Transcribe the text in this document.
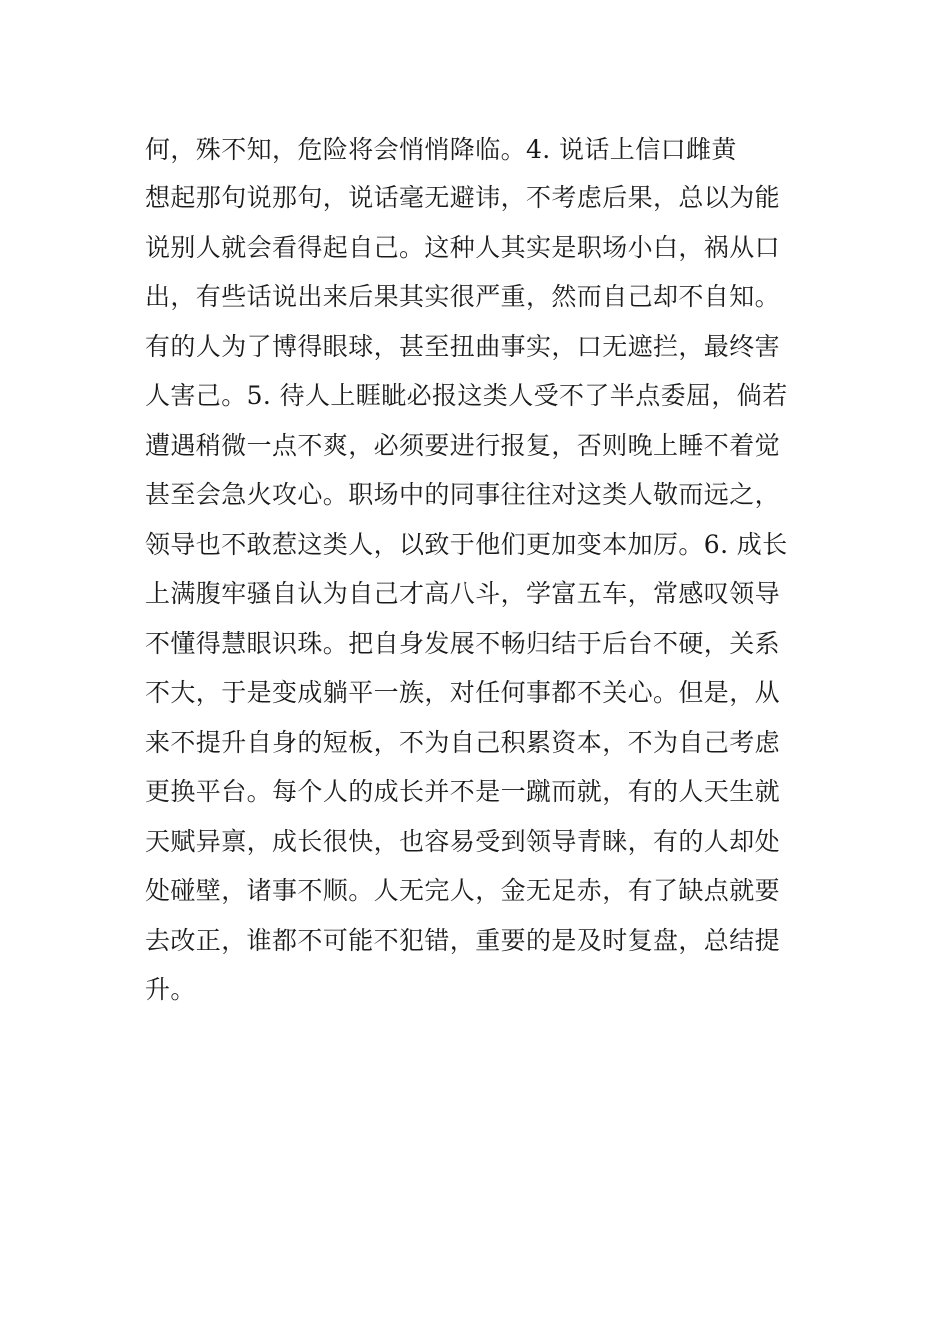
何，殊不知，危险将会悄悄降临。4. 说话上信口雌黄
想起那句说那句，说话毫无避讳，不考虑后果，总以为能
说别人就会看得起自己。这种人其实是职场小白，祸从口
出，有些话说出来后果其实很严重，然而自己却不自知。
有的人为了博得眼球，甚至扭曲事实，口无遮拦，最终害
人害己。5. 待人上睚眦必报这类人受不了半点委屈，倘若
遭遇稍微一点不爽，必须要进行报复，否则晚上睡不着觉
甚至会急火攻心。职场中的同事往往对这类人敬而远之，
领导也不敢惹这类人，以致于他们更加变本加厉。6. 成长
上满腹牢骚自认为自己才高八斗，学富五车，常感叹领导
不懂得慧眼识珠。把自身发展不畅归结于后台不硬，关系
不大，于是变成躺平一族，对任何事都不关心。但是，从
来不提升自身的短板，不为自己积累资本，不为自己考虑
更换平台。每个人的成长并不是一蹴而就，有的人天生就
天赋异禀，成长很快，也容易受到领导青睐，有的人却处
处碰壁，诸事不顺。人无完人，金无足赤，有了缺点就要
去改正，谁都不可能不犯错，重要的是及时复盘，总结提
升。
